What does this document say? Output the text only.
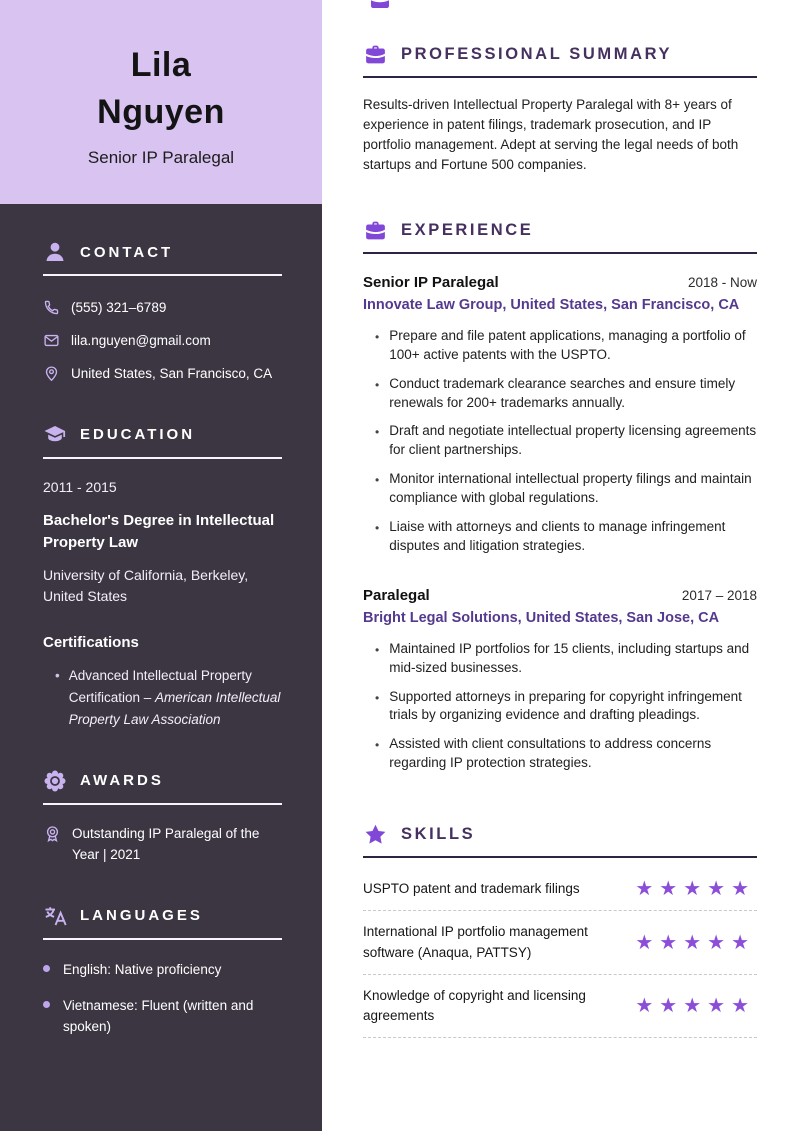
Lila
Nguyen
Senior IP Paralegal
CONTACT
(555) 321–6789
lila.nguyen@gmail.com
United States, San Francisco, CA
EDUCATION
2011 - 2015
Bachelor's Degree in Intellectual Property Law
University of California, Berkeley, United States
Certifications
• Advanced Intellectual Property Certification – American Intellectual Property Law Association
AWARDS
Outstanding IP Paralegal of the Year | 2021
LANGUAGES
English: Native proficiency
Vietnamese: Fluent (written and spoken)
PROFESSIONAL SUMMARY

Results-driven Intellectual Property Paralegal with 8+ years of experience in patent filings, trademark prosecution, and IP portfolio management. Adept at serving the legal needs of both startups and Fortune 500 companies.

EXPERIENCE
Senior IP Paralegal	2018 - Now
Innovate Law Group, United States, San Francisco, CA
• Prepare and file patent applications, managing a portfolio of 100+ active patents with the USPTO.
• Conduct trademark clearance searches and ensure timely renewals for 200+ trademarks annually.
• Draft and negotiate intellectual property licensing agreements for client partnerships.
• Monitor international intellectual property filings and maintain compliance with global regulations.
• Liaise with attorneys and clients to manage infringement disputes and litigation strategies.
Paralegal	2017 – 2018
Bright Legal Solutions, United States, San Jose, CA
• Maintained IP portfolios for 15 clients, including startups and mid-sized businesses.
• Supported attorneys in preparing for copyright infringement trials by organizing evidence and drafting pleadings.
• Assisted with client consultations to address concerns regarding IP protection strategies.
SKILLS
USPTO patent and trademark filings	★★★★★
International IP portfolio management software (Anaqua, PATTSY)	★★★★★
Knowledge of copyright and licensing agreements	★★★★★
